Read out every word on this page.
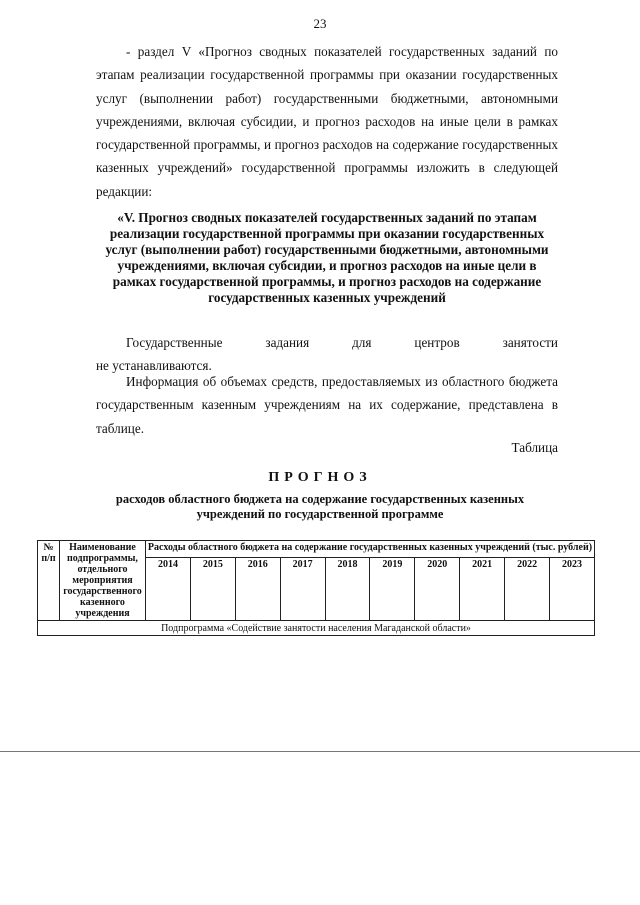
23

- раздел V «Прогноз сводных показателей государственных заданий по этапам реализации государственной программы при оказании государственных услуг (выполнении работ) государственными бюджетными, автономными учреждениями, включая субсидии, и прогноз расходов на иные цели в рамках государственной программы, и прогноз расходов на содержание государственных казенных учреждений» государственной программы изложить в следующей редакции:

«V. Прогноз сводных показателей государственных заданий по этапам реализации государственной программы при оказании государственных услуг (выполнении работ) государственными бюджетными, автономными учреждениями, включая субсидии, и прогноз расходов на иные цели в рамках государственной программы, и прогноз расходов на содержание государственных казенных учреждений

Государственные задания для центров занятости
не устанавливаются.

Информация об объемах средств, предоставляемых из областного бюджета государственным казенным учреждениям на их содержание, представлена в таблице.

Таблица
ПРОГНОЗ
расходов областного бюджета на содержание государственных казенных учреждений по государственной программе
№ п/п	Наименование подпрограммы, отдельного мероприятия государственного казенного учреждения	Расходы областного бюджета на содержание государственных казенных учреждений (тыс. рублей)									
		2014	2015	2016	2017	2018	2019	2020	2021	2022	2023
Подпрограмма «Содействие занятости населения Магаданской области»											
